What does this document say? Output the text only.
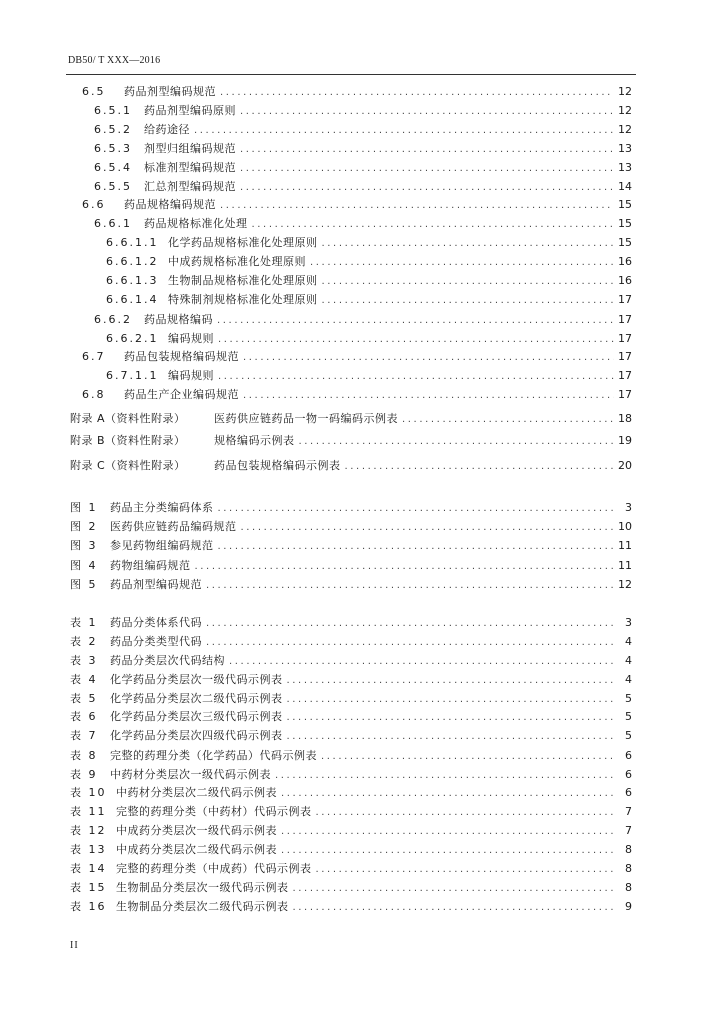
DB50/ T XXX—2016
6.5	药品剂型编码规范 .....	12
6.5.1	药品剂型编码原则 .....	12
6.5.2	给药途径 .....	12
6.5.3	剂型归组编码规范 .....	13
6.5.4	标准剂型编码规范 .....	13
6.5.5	汇总剂型编码规范 .....	14
6.6	药品规格编码规范 .....	15
6.6.1	药品规格标准化处理 .....	15
6.6.1.1 化学药品规格标准化处理原则 .....	15
6.6.1.2 中成药规格标准化处理原则 .....	16
6.6.1.3 生物制品规格标准化处理原则 .....	16
6.6.1.4 特殊制剂规格标准化处理原则 .....	17
6.6.2	药品规格编码 .....	17
6.6.2.1 编码规则 .....	17
6.7	药品包装规格编码规范 .....	17
6.7.1.1 编码规则 .....	17
6.8	药品生产企业编码规范 .....	17
附录 A（资料性附录）	医药供应链药品一物一码编码示例表 .....	18
附录 B（资料性附录）	规格编码示例表 .....	19
附录 C（资料性附录）	药品包装规格编码示例表 .....	20
图 1	药品主分类编码体系 .....	3
图 2	医药供应链药品编码规范 .....	10
图 3	参见药物组编码规范 .....	11
图 4	药物组编码规范 .....	11
图 5	药品剂型编码规范 .....	12
表 1	药品分类体系代码 .....	3
表 2	药品分类类型代码 .....	4
表 3	药品分类层次代码结构 .....	4
表 4	化学药品分类层次一级代码示例表 .....	4
表 5	化学药品分类层次二级代码示例表 .....	5
表 6	化学药品分类层次三级代码示例表 .....	5
表 7	化学药品分类层次四级代码示例表 .....	5
表 8	完整的药理分类（化学药品）代码示例表 .....	6
表 9	中药材分类层次一级代码示例表 .....	6
表 10 中药材分类层次二级代码示例表 .....	6
表 11 完整的药理分类（中药材）代码示例表 .....	7
表 12 中成药分类层次一级代码示例表 .....	7
表 13 中成药分类层次二级代码示例表 .....	8
表 14 完整的药理分类（中成药）代码示例表 .....	8
表 15 生物制品分类层次一级代码示例表 .....	8
表 16 生物制品分类层次二级代码示例表 .....	9
II
